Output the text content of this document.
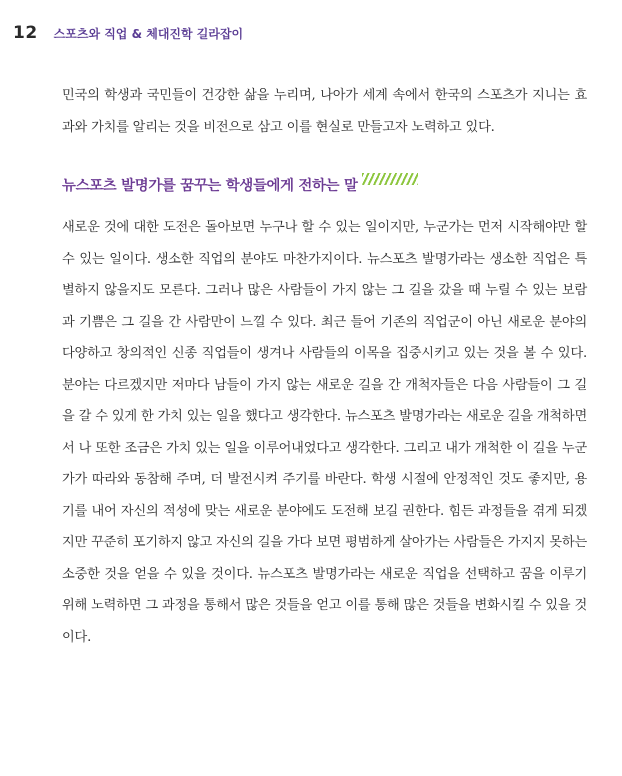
12 스포츠와 직업 & 체대진학 길라잡이

민국의 학생과 국민들이 건강한 삶을 누리며, 나아가 세계 속에서 한국의 스포츠가 지니는 효과와 가치를 알리는 것을 비전으로 삼고 이를 현실로 만들고자 노력하고 있다.

뉴스포츠 발명가를 꿈꾸는 학생들에게 전하는 말

새로운 것에 대한 도전은 돌아보면 누구나 할 수 있는 일이지만, 누군가는 먼저 시작해야만 할 수 있는 일이다. 생소한 직업의 분야도 마찬가지이다. 뉴스포츠 발명가라는 생소한 직업은 특별하지 않을지도 모른다. 그러나 많은 사람들이 가지 않는 그 길을 갔을 때 누릴 수 있는 보람과 기쁨은 그 길을 간 사람만이 느낄 수 있다. 최근 들어 기존의 직업군이 아닌 새로운 분야의 다양하고 창의적인 신종 직업들이 생겨나 사람들의 이목을 집중시키고 있는 것을 볼 수 있다. 분야는 다르겠지만 저마다 남들이 가지 않는 새로운 길을 간 개척자들은 다음 사람들이 그 길을 갈 수 있게 한 가치 있는 일을 했다고 생각한다. 뉴스포츠 발명가라는 새로운 길을 개척하면서 나 또한 조금은 가치 있는 일을 이루어내었다고 생각한다. 그리고 내가 개척한 이 길을 누군가가 따라와 동참해 주며, 더 발전시켜 주기를 바란다. 학생 시절에 안정적인 것도 좋지만, 용기를 내어 자신의 적성에 맞는 새로운 분야에도 도전해 보길 권한다. 힘든 과정들을 겪게 되겠지만 꾸준히 포기하지 않고 자신의 길을 가다 보면 평범하게 살아가는 사람들은 가지지 못하는 소중한 것을 얻을 수 있을 것이다. 뉴스포츠 발명가라는 새로운 직업을 선택하고 꿈을 이루기 위해 노력하면 그 과정을 통해서 많은 것들을 얻고 이를 통해 많은 것들을 변화시킬 수 있을 것이다.
